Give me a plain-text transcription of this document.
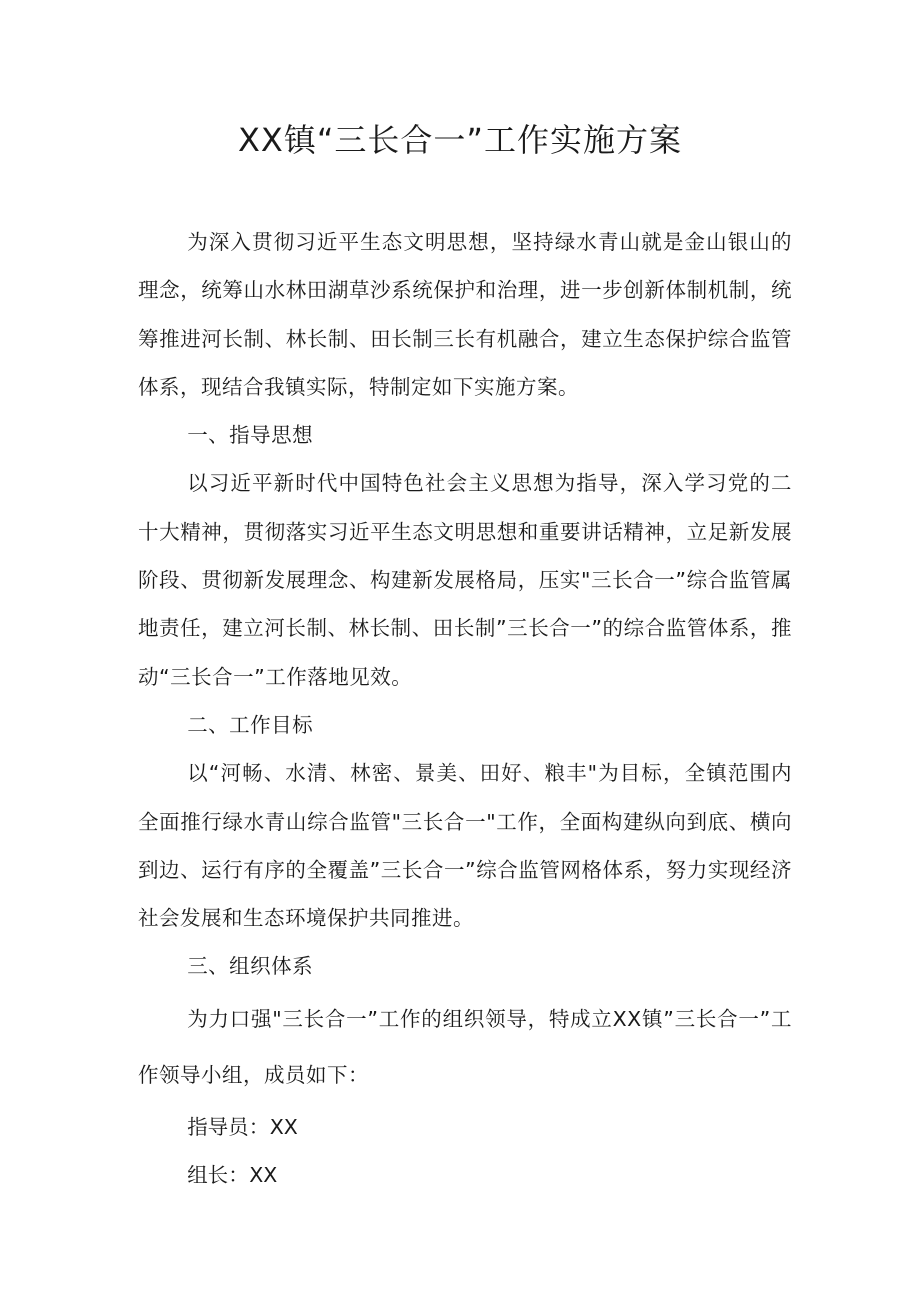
XX镇“三长合一”工作实施方案

为深入贯彻习近平生态文明思想，坚持绿水青山就是金山银山的理念，统筹山水林田湖草沙系统保护和治理，进一步创新体制机制，统筹推进河长制、林长制、田长制三长有机融合，建立生态保护综合监管体系，现结合我镇实际，特制定如下实施方案。

一、指导思想

以习近平新时代中国特色社会主义思想为指导，深入学习党的二十大精神，贯彻落实习近平生态文明思想和重要讲话精神，立足新发展阶段、贯彻新发展理念、构建新发展格局，压实"三长合一”综合监管属地责任，建立河长制、林长制、田长制”三长合一”的综合监管体系，推动“三长合一”工作落地见效。

二、工作目标

以“河畅、水清、林密、景美、田好、粮丰"为目标，全镇范围内全面推行绿水青山综合监管"三长合一"工作，全面构建纵向到底、横向到边、运行有序的全覆盖”三长合一”综合监管网格体系，努力实现经济社会发展和生态环境保护共同推进。

三、组织体系

为力口强"三长合一”工作的组织领导，特成立XX镇”三长合一”工作领导小组，成员如下：

指导员：XX

组长：XX
